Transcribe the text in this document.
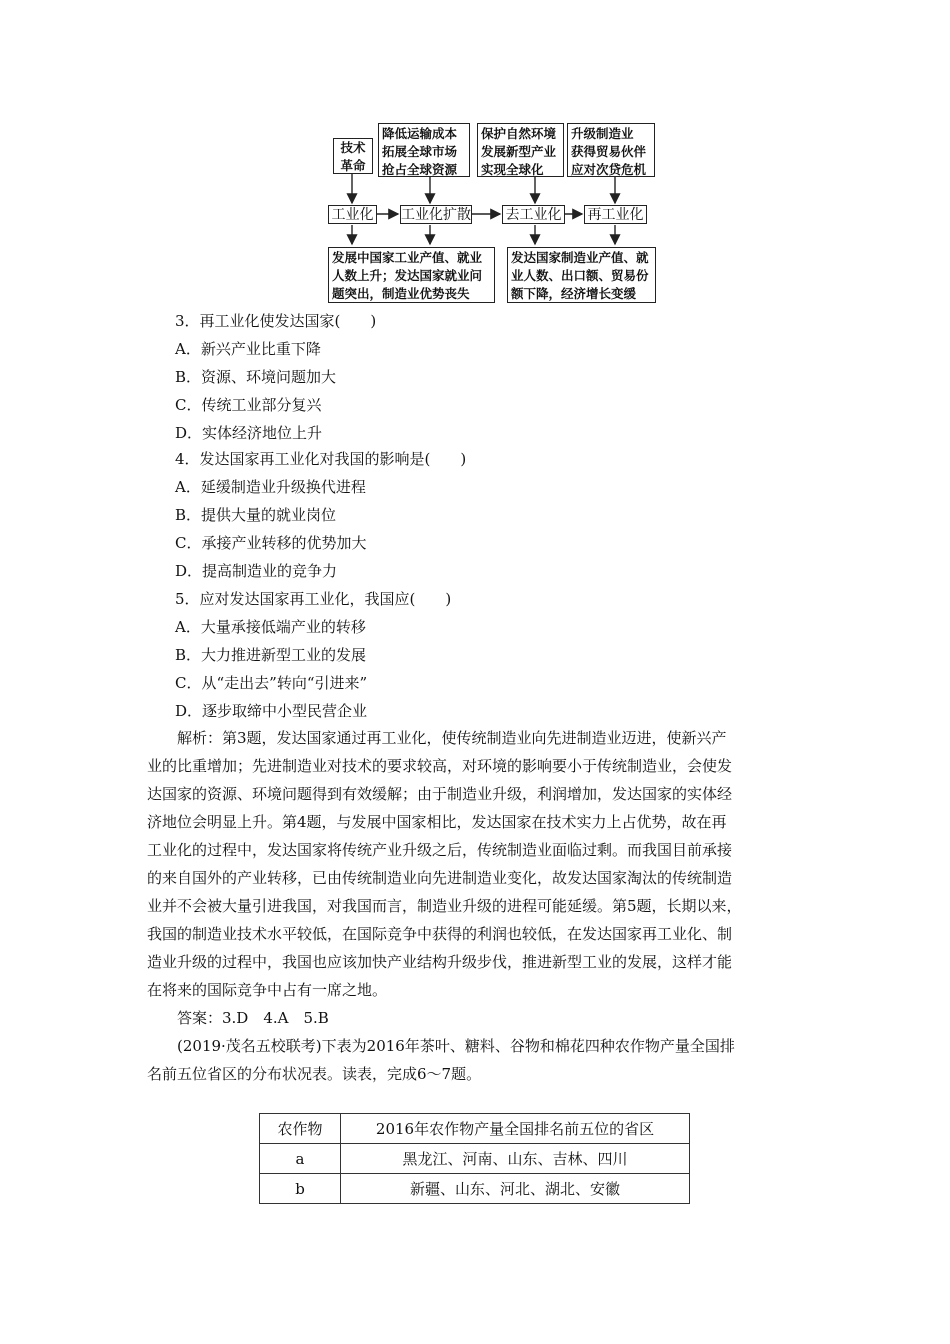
技术
革命
降低运输成本
拓展全球市场
抢占全球资源
保护自然环境
发展新型产业
实现全球化
升级制造业
获得贸易伙伴
应对次贷危机
工业化 工业化扩散 去工业化 再工业化
发展中国家工业产值、就业
人数上升；发达国家就业问
题突出，制造业优势丧失
发达国家制造业产值、就
业人数、出口额、贸易份
额下降，经济增长变缓
3．再工业化使发达国家(　　)
A．新兴产业比重下降
B．资源、环境问题加大
C．传统工业部分复兴
D．实体经济地位上升
4．发达国家再工业化对我国的影响是(　　)
A．延缓制造业升级换代进程
B．提供大量的就业岗位
C．承接产业转移的优势加大
D．提高制造业的竞争力
5．应对发达国家再工业化，我国应(　　)
A．大量承接低端产业的转移
B．大力推进新型工业的发展
C．从“走出去”转向“引进来”
D．逐步取缔中小型民营企业
　　解析：第3题，发达国家通过再工业化，使传统制造业向先进制造业迈进，使新兴产
业的比重增加；先进制造业对技术的要求较高，对环境的影响要小于传统制造业，会使发
达国家的资源、环境问题得到有效缓解；由于制造业升级，利润增加，发达国家的实体经
济地位会明显上升。第4题，与发展中国家相比，发达国家在技术实力上占优势，故在再
工业化的过程中，发达国家将传统产业升级之后，传统制造业面临过剩。而我国目前承接
的来自国外的产业转移，已由传统制造业向先进制造业变化，故发达国家淘汰的传统制造
业并不会被大量引进我国，对我国而言，制造业升级的进程可能延缓。第5题，长期以来，
我国的制造业技术水平较低，在国际竞争中获得的利润也较低，在发达国家再工业化、制
造业升级的过程中，我国也应该加快产业结构升级步伐，推进新型工业的发展，这样才能
在将来的国际竞争中占有一席之地。
　　答案：3.D　4.A　5.B
　　(2019·茂名五校联考)下表为2016年茶叶、糖料、谷物和棉花四种农作物产量全国排
名前五位省区的分布状况表。读表，完成6～7题。
农作物	2016年农作物产量全国排名前五位的省区
a	黑龙江、河南、山东、吉林、四川
b	新疆、山东、河北、湖北、安徽
